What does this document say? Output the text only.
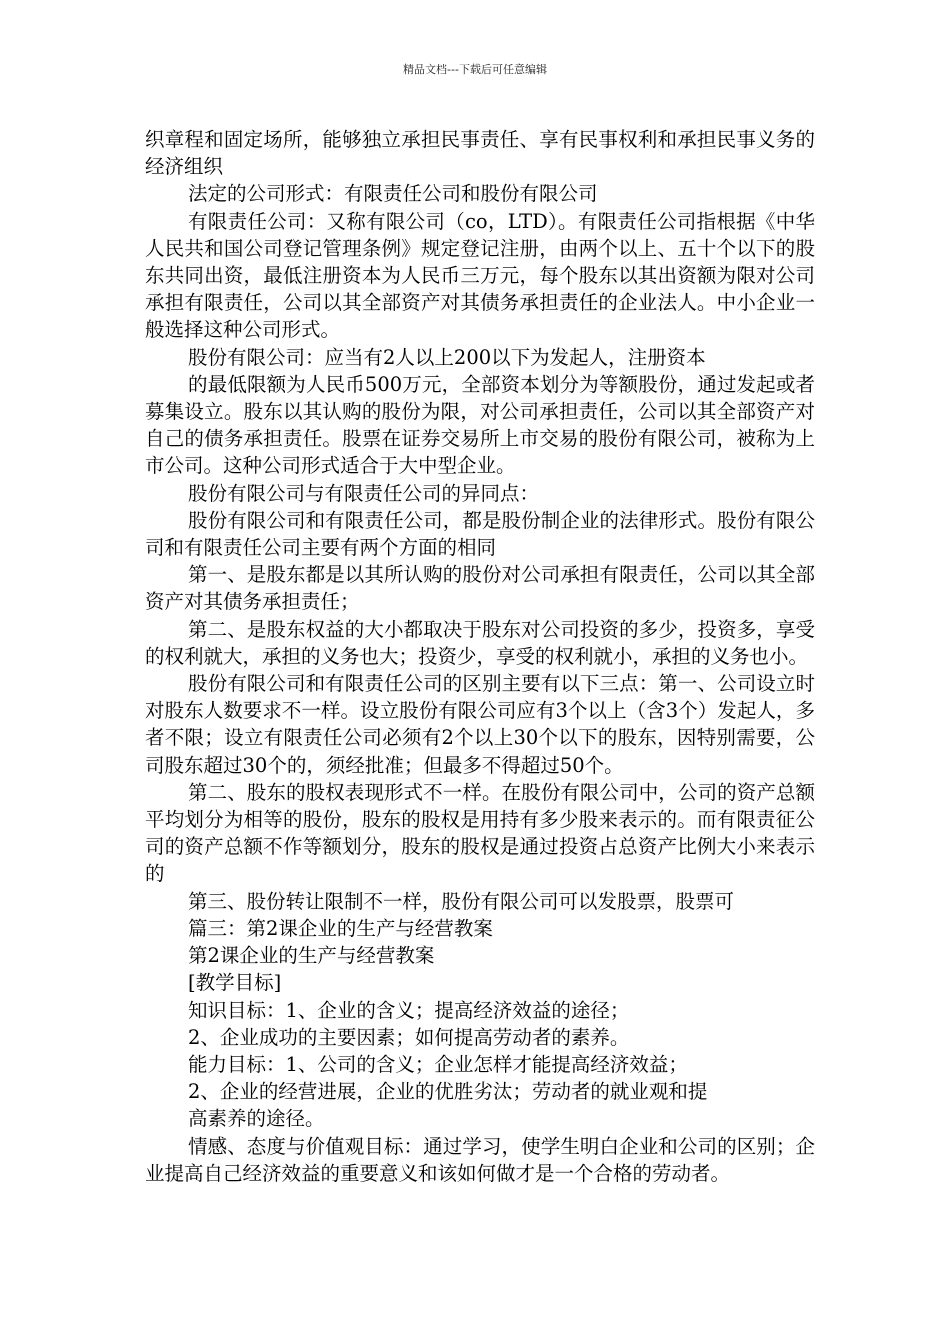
精品文档---下载后可任意编辑

织章程和固定场所，能够独立承担民事责任、享有民事权利和承担民事义务的经济组织

法定的公司形式：有限责任公司和股份有限公司

有限责任公司：又称有限公司（co，LTD）。有限责任公司指根据《中华人民共和国公司登记管理条例》规定登记注册，由两个以上、五十个以下的股东共同出资，最低注册资本为人民币三万元，每个股东以其出资额为限对公司承担有限责任，公司以其全部资产对其债务承担责任的企业法人。中小企业一般选择这种公司形式。

股份有限公司：应当有2人以上200以下为发起人，注册资本

的最低限额为人民币500万元，全部资本划分为等额股份，通过发起或者募集设立。股东以其认购的股份为限，对公司承担责任，公司以其全部资产对自己的债务承担责任。股票在证券交易所上市交易的股份有限公司，被称为上市公司。这种公司形式适合于大中型企业。

股份有限公司与有限责任公司的异同点：

股份有限公司和有限责任公司，都是股份制企业的法律形式。股份有限公司和有限责任公司主要有两个方面的相同

第一、是股东都是以其所认购的股份对公司承担有限责任，公司以其全部资产对其债务承担责任；

第二、是股东权益的大小都取决于股东对公司投资的多少，投资多，享受的权利就大，承担的义务也大；投资少，享受的权利就小，承担的义务也小。

股份有限公司和有限责任公司的区别主要有以下三点：第一、公司设立时对股东人数要求不一样。设立股份有限公司应有3个以上（含3个）发起人，多者不限；设立有限责任公司必须有2个以上30个以下的股东，因特别需要，公司股东超过30个的，须经批准；但最多不得超过50个。

第二、股东的股权表现形式不一样。在股份有限公司中，公司的资产总额平均划分为相等的股份，股东的股权是用持有多少股来表示的。而有限责征公司的资产总额不作等额划分，股东的股权是通过投资占总资产比例大小来表示的

第三、股份转让限制不一样，股份有限公司可以发股票，股票可

篇三：第2课企业的生产与经营教案

第2课企业的生产与经营教案

[教学目标]

知识目标：1、企业的含义；提高经济效益的途径；

2、企业成功的主要因素；如何提高劳动者的素养。

能力目标：1、公司的含义；企业怎样才能提高经济效益；

2、企业的经营进展，企业的优胜劣汰；劳动者的就业观和提

高素养的途径。

情感、态度与价值观目标：通过学习，使学生明白企业和公司的区别；企业提高自己经济效益的重要意义和该如何做才是一个合格的劳动者。
